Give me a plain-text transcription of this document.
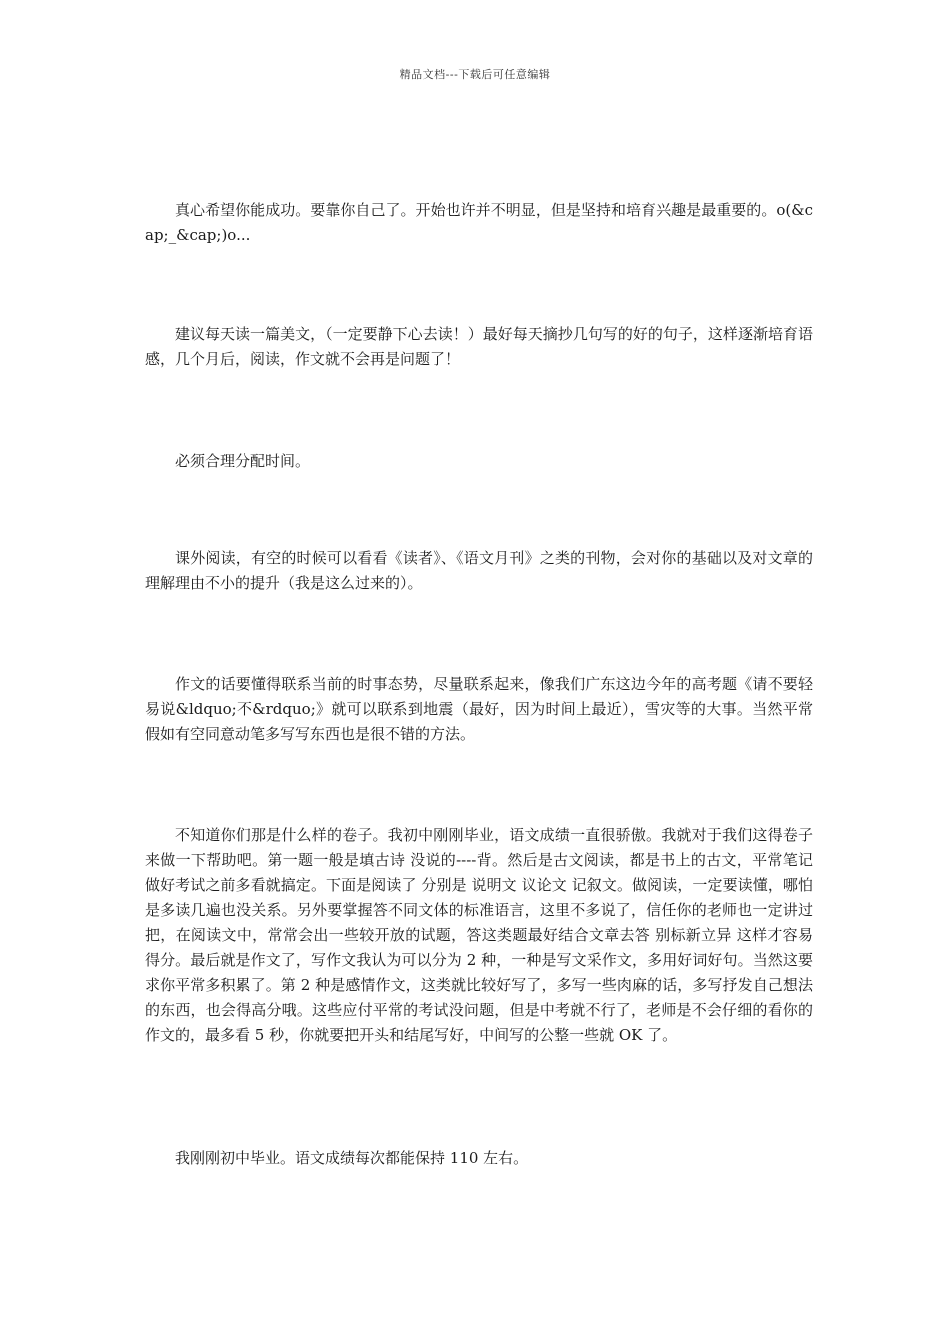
精品文档---下载后可任意编辑

真心希望你能成功。要靠你自己了。开始也许并不明显，但是坚持和培育兴趣是最重要的。o(&cap;_&cap;)o...

建议每天读一篇美文，（一定要静下心去读！）最好每天摘抄几句写的好的句子，这样逐渐培育语感，几个月后，阅读，作文就不会再是问题了！

必须合理分配时间。

课外阅读，有空的时候可以看看《读者》、《语文月刊》之类的刊物，会对你的基础以及对文章的理解理由不小的提升（我是这么过来的）。

作文的话要懂得联系当前的时事态势，尽量联系起来，像我们广东这边今年的高考题《请不要轻易说&ldquo;不&rdquo;》就可以联系到地震（最好，因为时间上最近），雪灾等的大事。当然平常假如有空同意动笔多写写东西也是很不错的方法。

不知道你们那是什么样的卷子。我初中刚刚毕业，语文成绩一直很骄傲。我就对于我们这得卷子来做一下帮助吧。第一题一般是填古诗 没说的----背。然后是古文阅读，都是书上的古文，平常笔记做好考试之前多看就搞定。下面是阅读了 分别是 说明文 议论文 记叙文。做阅读，一定要读懂，哪怕是多读几遍也没关系。另外要掌握答不同文体的标准语言，这里不多说了，信任你的老师也一定讲过把，在阅读文中，常常会出一些较开放的试题，答这类题最好结合文章去答 别标新立异 这样才容易得分。最后就是作文了，写作文我认为可以分为 2 种，一种是写文采作文，多用好词好句。当然这要求你平常多积累了。第 2 种是感情作文，这类就比较好写了，多写一些肉麻的话，多写抒发自己想法的东西，也会得高分哦。这些应付平常的考试没问题，但是中考就不行了，老师是不会仔细的看你的作文的，最多看 5 秒，你就要把开头和结尾写好，中间写的公整一些就 OK 了。

我刚刚初中毕业。语文成绩每次都能保持 110 左右。
